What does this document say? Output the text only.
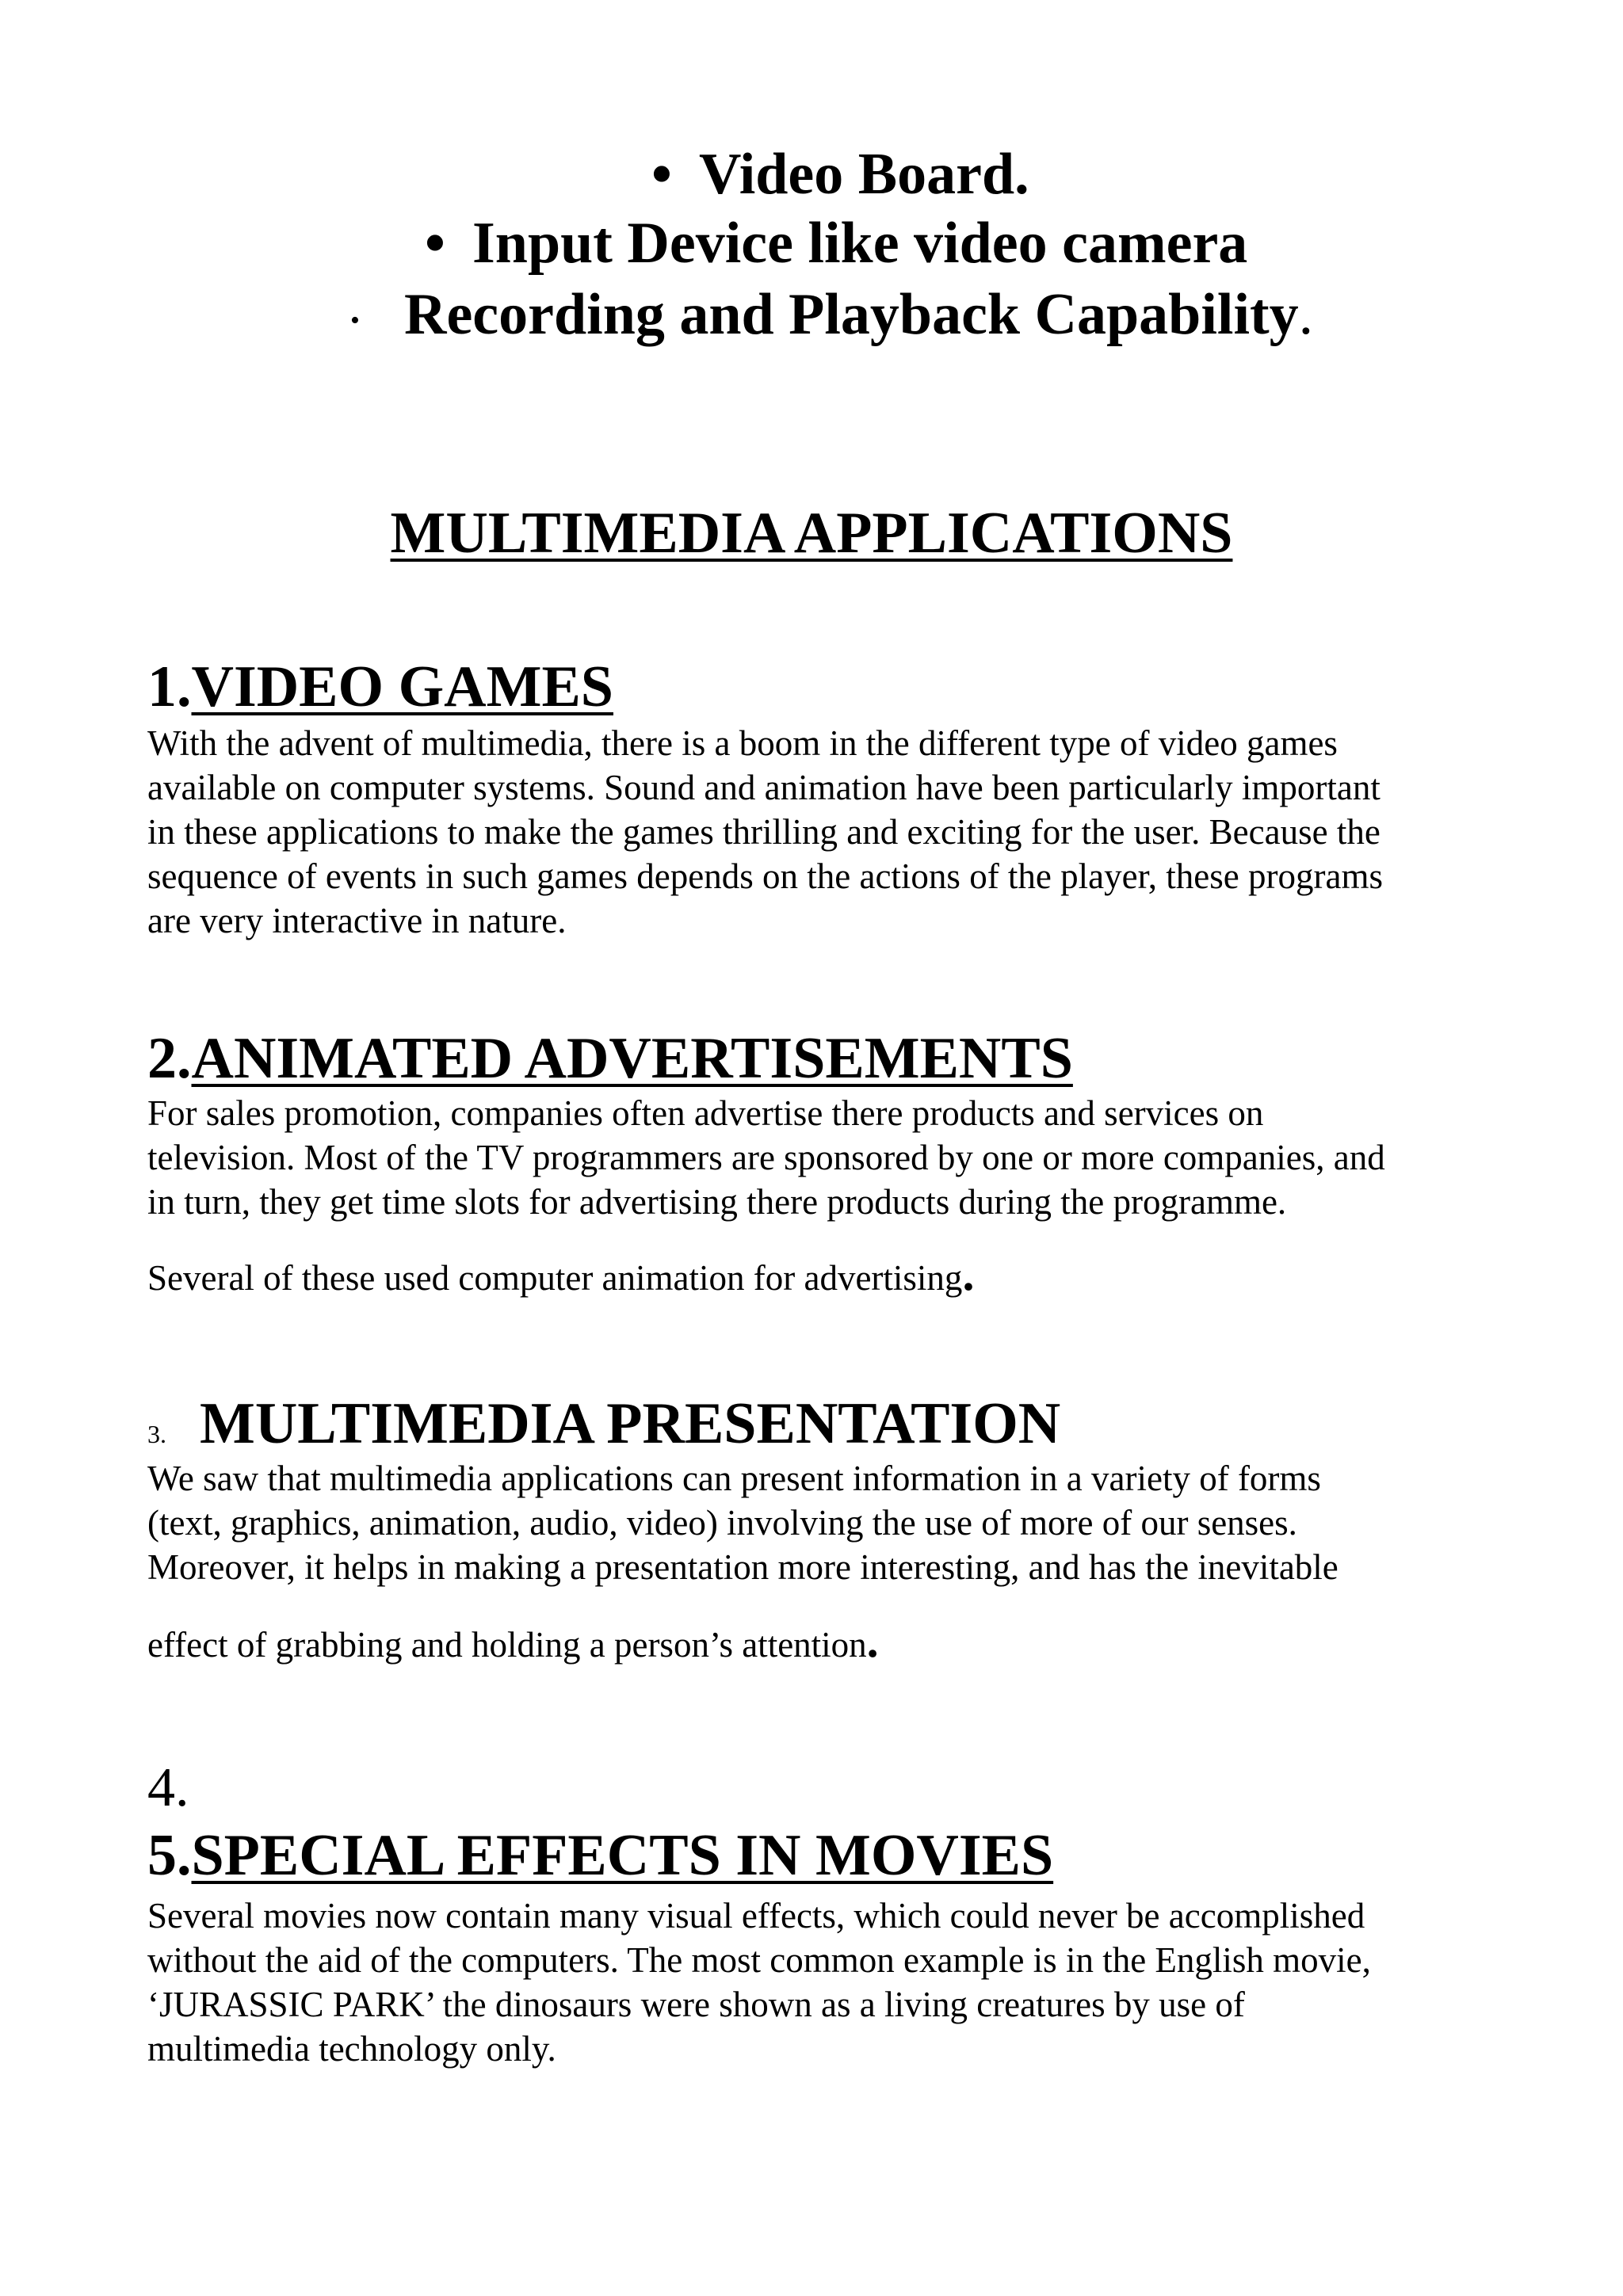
• Video Board.
• Input Device like video camera
• Recording and Playback Capability.
MULTIMEDIA APPLICATIONS
1.VIDEO GAMES
With the advent of multimedia, there is a boom in the different type of video games
available on computer systems. Sound and animation have been particularly important
in these applications to make the games thrilling and exciting for the user. Because the
sequence of events in such games depends on the actions of the player, these programs
are very interactive in nature.
2.ANIMATED ADVERTISEMENTS
For sales promotion, companies often advertise there products and services on
television. Most of the TV programmers are sponsored by one or more companies, and
in turn, they get time slots for advertising there products during the programme.
Several of these used computer animation for advertising.
3. MULTIMEDIA PRESENTATION
We saw that multimedia applications can present information in a variety of forms
(text, graphics, animation, audio, video) involving the use of more of our senses.
Moreover, it helps in making a presentation more interesting, and has the inevitable
effect of grabbing and holding a person’s attention.
4.
5.SPECIAL EFFECTS IN MOVIES
Several movies now contain many visual effects, which could never be accomplished
without the aid of the computers. The most common example is in the English movie,
‘JURASSIC PARK’ the dinosaurs were shown as a living creatures by use of
multimedia technology only.
